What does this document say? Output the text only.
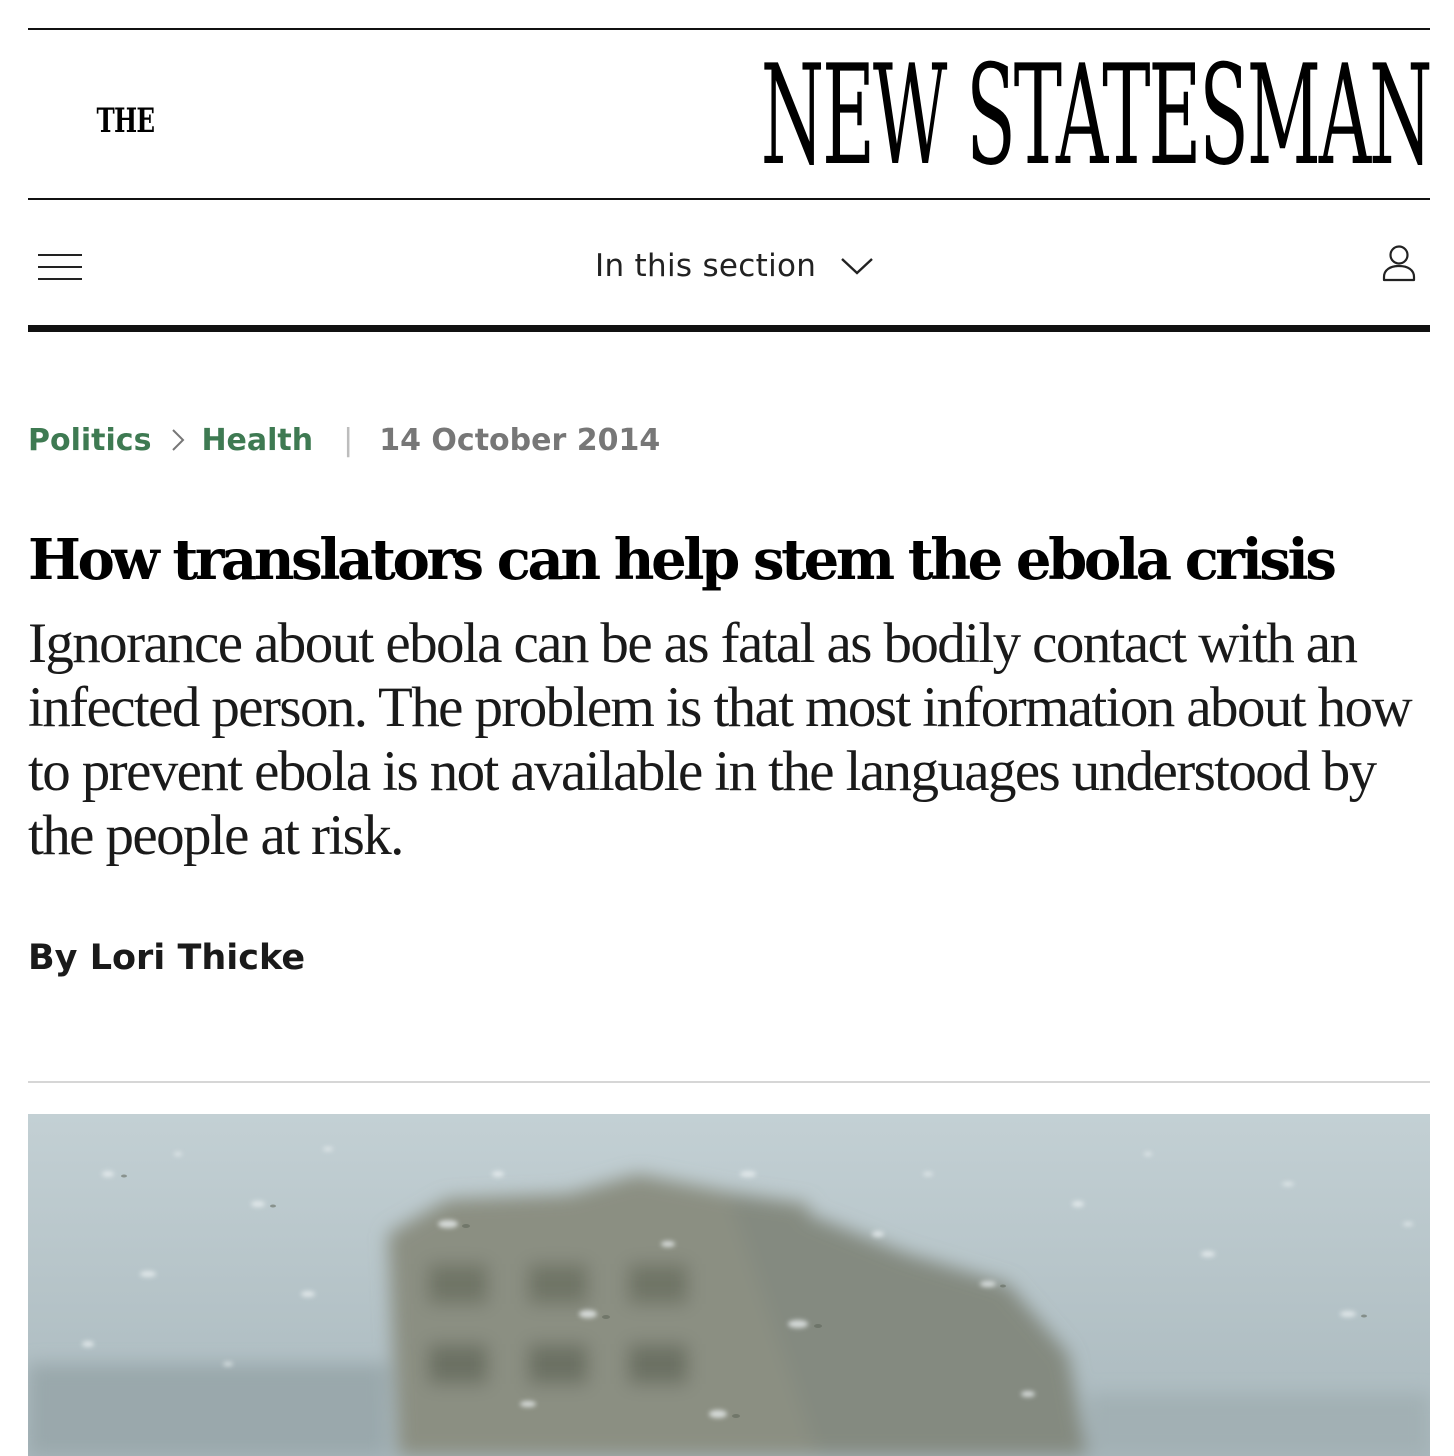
THE	NEW STATESMAN
In this section
Politics Health | 14 October 2014
How translators can help stem the ebola crisis

Ignorance about ebola can be as fatal as bodily contact with an infected person. The problem is that most information about how to prevent ebola is not available in the languages understood by the people at risk.

By Lori Thicke
